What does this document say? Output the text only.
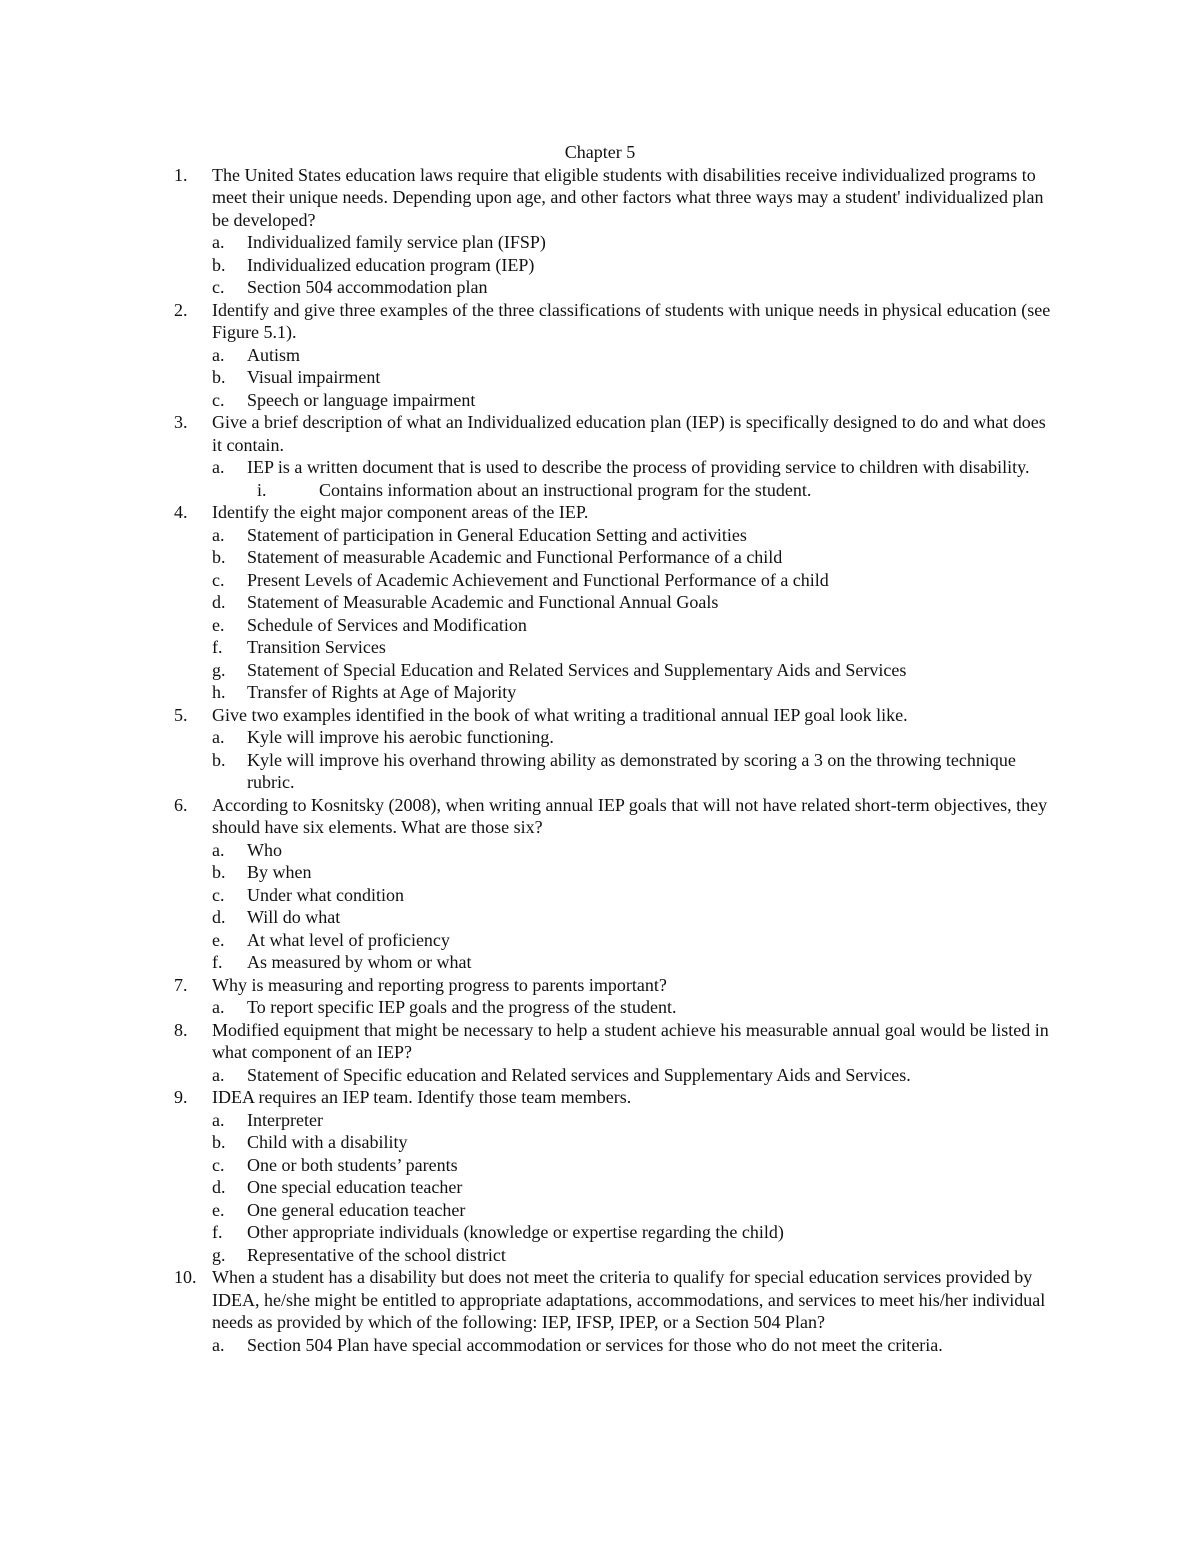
Chapter 5
1. The United States education laws require that eligible students with disabilities receive individualized programs to meet their unique needs. Depending upon age, and other factors what three ways may a student' individualized plan be developed?
a. Individualized family service plan (IFSP)
b. Individualized education program (IEP)
c. Section 504 accommodation plan
2. Identify and give three examples of the three classifications of students with unique needs in physical education (see Figure 5.1).
a. Autism
b. Visual impairment
c. Speech or language impairment
3. Give a brief description of what an Individualized education plan (IEP) is specifically designed to do and what does it contain.
a. IEP is a written document that is used to describe the process of providing service to children with disability.
i.	Contains information about an instructional program for the student.
4. Identify the eight major component areas of the IEP.
a. Statement of participation in General Education Setting and activities
b. Statement of measurable Academic and Functional Performance of a child
c. Present Levels of Academic Achievement and Functional Performance of a child
d. Statement of Measurable Academic and Functional Annual Goals
e. Schedule of Services and Modification
f. Transition Services
g. Statement of Special Education and Related Services and Supplementary Aids and Services
h. Transfer of Rights at Age of Majority
5. Give two examples identified in the book of what writing a traditional annual IEP goal look like.
a. Kyle will improve his aerobic functioning.
b. Kyle will improve his overhand throwing ability as demonstrated by scoring a 3 on the throwing technique rubric.
6. According to Kosnitsky (2008), when writing annual IEP goals that will not have related short-term objectives, they should have six elements. What are those six?
a. Who
b. By when
c. Under what condition
d. Will do what
e. At what level of proficiency
f. As measured by whom or what
7. Why is measuring and reporting progress to parents important?
a. To report specific IEP goals and the progress of the student.
8. Modified equipment that might be necessary to help a student achieve his measurable annual goal would be listed in what component of an IEP?
a. Statement of Specific education and Related services and Supplementary Aids and Services.
9. IDEA requires an IEP team. Identify those team members.
a. Interpreter
b. Child with a disability
c. One or both students’ parents
d. One special education teacher
e. One general education teacher
f. Other appropriate individuals (knowledge or expertise regarding the child)
g. Representative of the school district
10. When a student has a disability but does not meet the criteria to qualify for special education services provided by IDEA, he/she might be entitled to appropriate adaptations, accommodations, and services to meet his/her individual needs as provided by which of the following: IEP, IFSP, IPEP, or a Section 504 Plan?
a. Section 504 Plan have special accommodation or services for those who do not meet the criteria.
